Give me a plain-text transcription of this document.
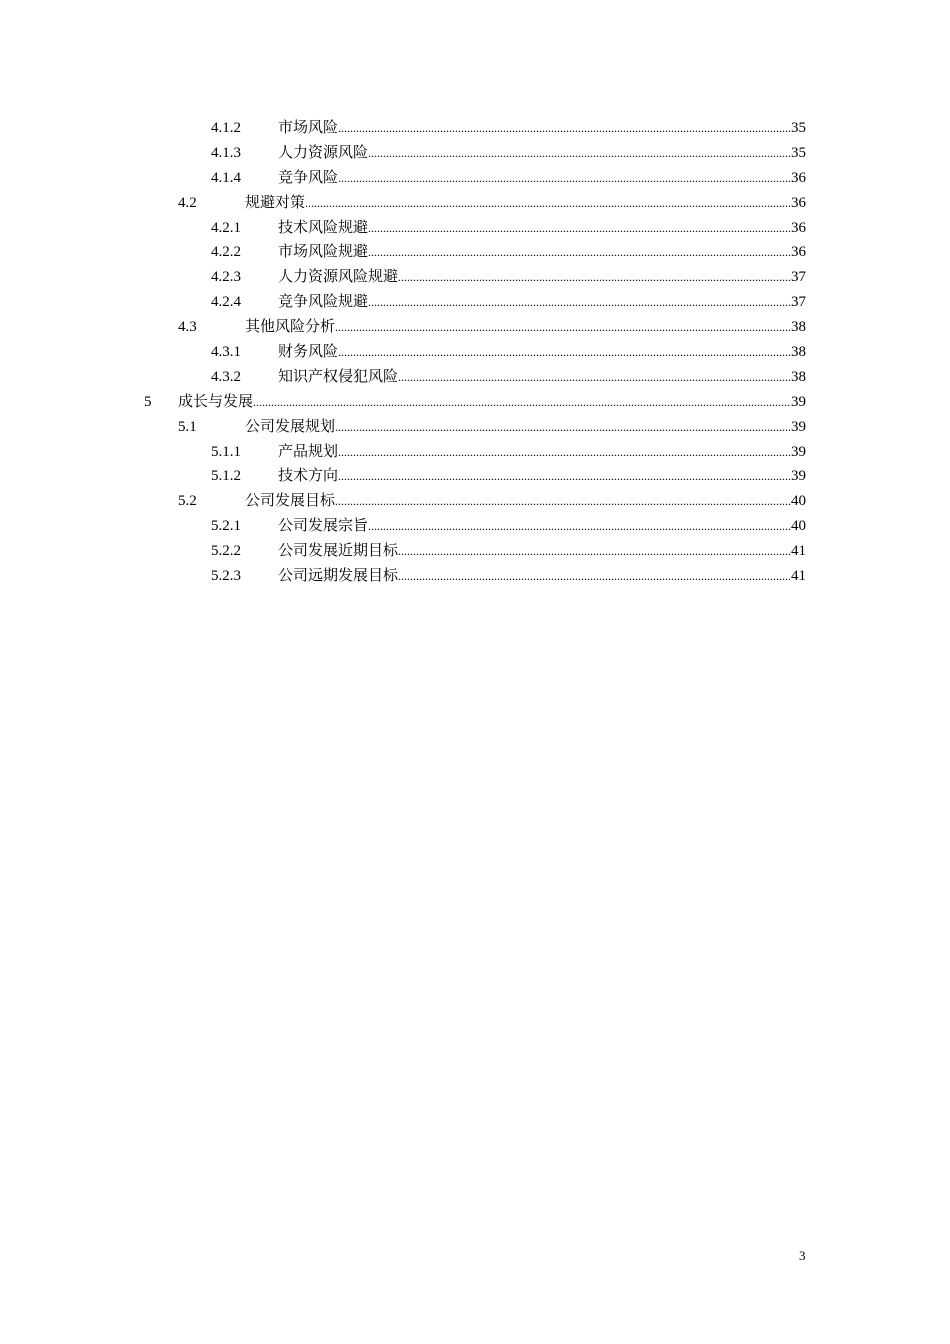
4.1.2 市场风险 .....	35
4.1.3 人力资源风险 .....	35
4.1.4 竞争风险 .....	36
4.2	规避对策 .....	36
4.2.1 技术风险规避 .....	36
4.2.2 市场风险规避 .....	36
4.2.3 人力资源风险规避 .....	37
4.2.4 竞争风险规避 .....	37
4.3	其他风险分析 .....	38
4.3.1 财务风险 .....	38
4.3.2 知识产权侵犯风险 .....	38
5 成长与发展 .....	39
5.1	公司发展规划 .....	39
5.1.1 产品规划 .....	39
5.1.2 技术方向 .....	39
5.2	公司发展目标 .....	40
5.2.1 公司发展宗旨 .....	40
5.2.2 公司发展近期目标 .....	41
5.2.3 公司远期发展目标 .....	41
3
